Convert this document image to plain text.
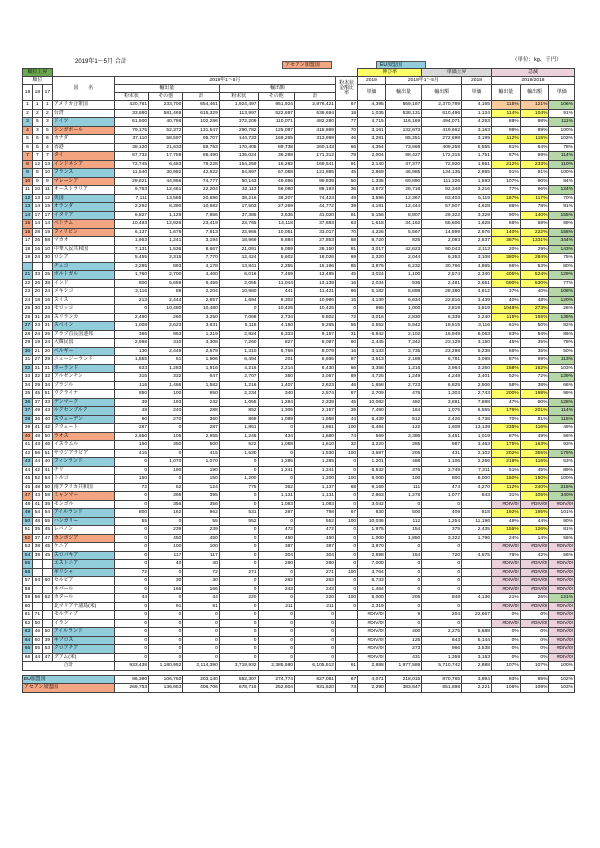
2019年1～5月 合計	（単位：kg、千円）
アセアン加盟国	EU加盟国
順位上昇											伸び率		単価上昇		急減		
順位			国　　名	2019年1～5月						粉末状金額比率	2019	2018年1～5月		2018	2019/2018		
19	18	17		輸出量			輸出額				単価	輸出量	輸出額	単価	輸出量	輸出額	単価
				粉末状	その他	計	粉末状	その他	計								
1	1	1	アメリカ合衆国	420,761	233,700	654,461	1,924,497	951,924	2,876,421	67	4,395	569,187	2,370,789	4,165	115%	121%	106%
2	2	2	台湾	33,860	581,469	615,329	113,997	522,697	636,694	18	1,035	538,131	610,496	1,134	114%	104%	91%
3	5	3	ドイツ	61,500	40,786	102,286	372,209	110,071	482,280	77	4,715	116,169	494,071	4,253	88%	98%	111%
4	3	5	シンガポール	79,175	52,372	131,547	290,782	125,087	415,869	70	3,161	132,673	419,662	3,163	99%	99%	100%
5	6	6	カナダ	37,110	58,597	95,707	144,733	169,265	313,998	46	3,281	85,251	272,698	3,199	112%	115%	103%
6	5	4	香港	38,120	21,633	59,753	170,405	89,738	260,143	66	4,354	73,669	409,258	5,555	81%	64%	78%
7	7	7	タイ	67,732	17,758	85,490	135,024	36,288	171,312	79	2,004	98,427	172,315	1,751	87%	99%	114%
8	12	13	インドネシア	72,745	6,483	79,228	154,259	15,282	169,541	91	2,140	37,377	72,920	1,951	212%	233%	110%
9	8	10	フランス	11,540	30,982	42,522	54,897	67,088	121,985	45	2,869	46,985	134,135	2,855	91%	91%	100%
10	9	9	マレーシア	29,821	44,956	74,777	50,143	49,696	99,839	50	1,335	69,890	111,326	1,593	107%	90%	84%
11	10	11	オーストラリア	9,753	12,451	22,204	32,113	56,080	88,193	36	3,972	28,718	92,348	3,216	77%	96%	124%
12	13	12	英国	7,111	13,585	20,696	38,216	38,207	74,423	49	3,596	12,367	63,403	5,119	167%	117%	70%
13	14	15	オランダ	2,292	8,390	10,682	17,503	27,269	44,772	39	4,191	12,444	57,507	4,628	86%	78%	91%
14	17	17	イタリア	6,827	1,129	7,956	37,385	3,635	41,020	91	5,156	8,807	29,322	3,329	90%	140%	155%
15	14	14	ベトナム	10,493	12,926	23,419	23,765	14,118	37,883	63	1,618	34,162	55,606	1,628	69%	68%	99%
16	28	19	フィリピン	6,137	1,676	7,813	22,966	10,051	33,017	70	4,226	5,567	14,899	2,676	140%	222%	158%
17	26	58	マカオ	1,953	1,241	3,194	18,969	8,884	27,853	68	8,720	825	2,093	2,537	387%	1331%	344%
18	16	10	中華人民共和国	7,131	1,536	8,667	21,091	5,059	26,150	81	3,017	42,623	90,043	2,113	20%	29%	143%
19	24	30	ロシア	5,455	2,315	7,770	12,424	5,602	18,026	69	2,320	2,044	6,353	3,108	380%	284%	75%
			チェコ	3,285	893	4,178	13,841	2,355	16,196	85	3,876	6,232	30,766	4,865	66%	53%	80%
21	33	25	ポルトガル	1,760	2,700	4,460	6,016	7,469	13,485	45	3,024	1,100	2,574	2,340	405%	524%	129%
22	26	38	インド	800	5,659	6,459	2,055	11,044	13,139	16	2,034	936	2,481	2,651	690%	530%	77%
23	20	24	メキシコ	2,116	88	2,204	10,980	441	11,421	96	5,182	5,898	28,380	4,812	37%	40%	108%
24	18	16	スイス	213	2,444	2,657	1,694	9,302	10,996	15	4,139	6,634	22,816	3,439	40%	48%	120%
25	30	23	モロッコ	0	10,480	10,480	0	10,425	10,425	0	995	1,000	3,819	3,819	1048%	273%	26%
26	31	26	スリランカ	2,490	260	3,250	7,068	2,734	9,802	72	3,016	2,830	6,339	2,240	115%	155%	135%
27	23	31	スペイン	1,008	2,623	3,631	5,115	4,150	9,265	55	2,552	5,942	18,515	3,116	61%	50%	82%
28	24	25	アラブ首長国連邦	366	953	1,319	2,824	6,333	9,157	31	6,942	2,102	16,949	8,063	63%	54%	86%
29	19	24	大韓民国	2,998	310	3,308	7,260	827	8,087	90	2,445	7,342	23,129	3,150	45%	35%	78%
30	21	20	ベルギー	130	2,449	2,579	1,310	6,769	8,079	16	3,133	3,735	23,298	6,238	69%	35%	50%
31	27	29	ニュージーランド	1,855	51	1,906	6,494	201	6,695	97	3,513	2,189	6,781	3,098	87%	99%	113%
32	31	31	ポーランド	633	1,283	1,916	4,216	2,214	6,430	66	3,356	1,216	3,964	3,260	158%	162%	103%
33	32	32	アルゼンチン	315	332	647	2,707	350	3,057	89	4,725	1,249	4,248	3,401	52%	72%	139%
34	29	34	ブラジル	116	1,466	1,582	1,216	1,407	2,623	46	1,658	2,723	6,825	2,506	58%	38%	66%
35	45	51	ウクライナ	850	100	950	2,234	340	2,574	87	2,709	475	1,303	2,743	200%	198%	99%
36	37	33	デンマーク	39	193	232	1,055	1,284	2,339	45	10,082	492	3,881	7,888	47%	60%	128%
37	49	43	ルクセンブルク	48	240	288	852	1,305	2,157	39	7,490	164	1,075	6,555	176%	201%	114%
38	36	40	スウェーデン	90	270	360	869	1,089	1,958	44	5,439	512	2,426	4,738	70%	81%	115%
39	41	42	クウェート	287	0	287	1,861	0	1,861	100	6,484	122	1,608	13,139	235%	116%	49%
40	48	50	ラオス	2,650	105	2,955	1,246	434	1,680	74	569	3,386	3,451	1,019	87%	49%	56%
41	43	46	イスラエル	150	350	500	522	1,088	1,610	32	3,220	285	987	3,463	175%	163%	93%
42	56	51	サウジアラビア	415	0	415	1,530	0	1,530	100	3,687	205	431	2,102	202%	355%	175%
43	44	40	フィンランド	0	1,070	1,070	0	1,285	1,285	0	1,201	488	1,106	2,266	219%	116%	53%
44	42	41	チリ	0	190	190	0	1,241	1,241	0	6,532	376	2,749	7,311	51%	45%	89%
45	52	54	トルコ	150	0	150	1,200	0	1,200	100	8,000	100	800	8,000	150%	150%	100%
46	48	50	南アフリカ共和国	72	52	124	775	362	1,137	68	9,169	111	474	4,270	112%	240%	215%
47	43	58	ミャンマー	0	395	395	0	1,131	1,131	0	2,863	1,278	1,077	843	31%	105%	340%
48	41	35	モンゴル	0	356	356	0	1,083	1,083	0	3,042	0	0		#DIV/0!	#DIV/0!	#DIV/0!
49	54	54	アイルランド	800	162	962	531	267	798	67	830	500	409	818	192%	195%	101%
50	48	55	ハンガリー	55	0	55	552	0	552	100	10,036	112	1,254	11,196	49%	44%	90%
51	35	45	レバノン	0	239	239	0	472	472	0	1,975	154	375	2,435	155%	126%	81%
52	37	47	カンボジア	0	450	450	0	450	450	0	1,000	1,850	3,322	1,796	24%	14%	56%
53	38	45	ケニア	0	100	100	0	387	387	0	3,870	0	0		#DIV/0!	#DIV/0!	#DIV/0!
54	39	45	スロバキア	0	117	117	0	304	304	0	2,598	154	720	4,675	76%	42%	56%
55			エストニア	0	40	40	0	280	280	0	7,000	0	0		#DIV/0!	#DIV/0!	#DIV/0!
56			ギリシャ	72	0	72	271	0	271	100	3,764	0	0		#DIV/0!	#DIV/0!	#DIV/0!
57	64	60	セルビア	0	30	30	0	262	262	0	8,733	0	0		#DIV/0!	#DIV/0!	#DIV/0!
58			ネパール	0	166	166	0	243	243	0	1,464	0	0		#DIV/0!	#DIV/0!	#DIV/0!
59	56	62	カタール	44	0	44	220	0	220	100	5,000	205	848	4,136	21%	26%	121%
60			北マリアナ諸島(米)	0	91	91	0	211	211	0	2,319	0	0		#DIV/0!	#DIV/0!	#DIV/0!
61	71		モルディブ	0	0	0	0	0	0		#DIV/0!	9	204	22,667	0%	0%	#DIV/0!
62	50		イラン	0	0	0	0	0	0		#DIV/0!	0	0		#DIV/0!	#DIV/0!	#DIV/0!
63	46	50	アイルランド	0	0	0	0	0	0		#DIV/0!	400	2,275	5,688	0%	0%	#DIV/0!
64	60	39	キプロス	0	0	0	0	0	0		#DIV/0!	125	643	5,144	0%	0%	#DIV/0!
65	55	53	クロアチア	0	0	0	0	0	0		#DIV/0!	273	966	3,538	0%	0%	#DIV/0!
66	44	47	グアム(米)	0	0	0	0	0	0		#DIV/0!	431	1,359	3,153	0%	0%	#DIV/0!
合計				933,438	1,180,952	2,114,390	3,719,932	2,385,580	6,105,512	61	2,888	1,977,589	5,710,742	2,888	107%	107%	100%

EU加盟国				96,390	106,750	203,140	552,307	274,774	827,081	67	4,071	218,015	870,765	3,994	93%	95%	102%
アセアン加盟国				269,753	136,953	406,706	678,716	252,804	931,520	73	2,290	383,647	851,898	2,221	106%	109%	103%
